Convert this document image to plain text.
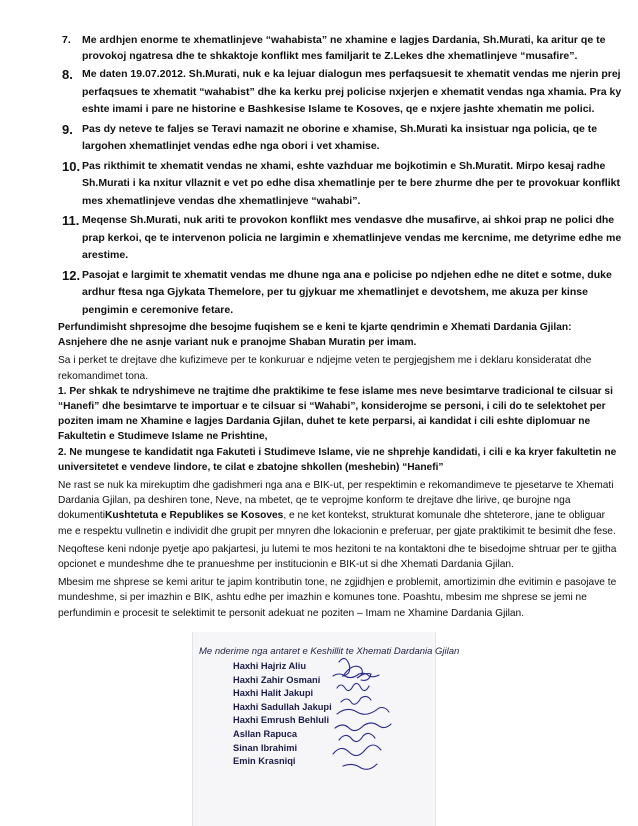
7. Me ardhjen enorme te xhematlinjeve “wahabista” ne xhamine e lagjes Dardania, Sh.Murati, ka aritur qe te provokoj ngatresa dhe te shkaktoje konflikt mes familjarit te Z.Lekes dhe xhematlinjeve “musafire”.
8. Me daten 19.07.2012. Sh.Murati, nuk e ka lejuar dialogun mes perfaqsuesit te xhematit vendas me njerin prej perfaqsues te xhematit “wahabist” dhe ka kerku prej policise nxjerjen e xhematit vendas nga xhamia. Pra ky eshte imami i pare ne historine e Bashkesise Islame te Kosoves, qe e nxjere jashte xhematin me polici.
9. Pas dy neteve te faljes se Teravi namazit ne oborine e xhamise, Sh.Murati ka insistuar nga policia, qe te largohen xhematlinjet vendas edhe nga obori i vet xhamise.
10. Pas rikthimit te xhematit vendas ne xhami, eshte vazhduar me bojkotimin e Sh.Muratit. Mirpo kesaj radhe Sh.Murati i ka nxitur vllaznit e vet po edhe disa xhematlinje per te bere zhurme dhe per te provokuar konflikt mes xhematlinjeve vendas dhe xhematlinjeve “wahabi”.
11. Meqense Sh.Murati, nuk ariti te provokon konflikt mes vendasve dhe musafirve, ai shkoi prap ne polici dhe prap kerkoi, qe te intervenon policia ne largimin e xhematlinjeve vendas me kercnime, me detyrime edhe me arestime.
12. Pasojat e largimit te xhematit vendas me dhune nga ana e policise po ndjehen edhe ne ditet e sotme, duke ardhur ftesa nga Gjykata Themelore, per tu gjykuar me xhematlinjet e devotshem, me akuza per kinse pengimin e ceremonive fetare.

Perfundimisht shpresojme dhe besojme fuqishem se e keni te kjarte qendrimin e Xhemati Dardania Gjilan: Asnjehere dhe ne asnje variant nuk e pranojme Shaban Muratin per imam.

Sa i perket te drejtave dhe kufizimeve per te konkuruar e ndjejme veten te pergjegjshem me i deklaru konsideratat dhe rekomandimet tona.

1. Per shkak te ndryshimeve ne trajtime dhe praktikime te fese islame mes neve besimtarve tradicional te cilsuar si “Hanefi” dhe besimtarve te importuar e te cilsuar si “Wahabi”, konsiderojme se personi, i cili do te selektohet per poziten imam ne Xhamine e lagjes Dardania Gjilan, duhet te kete perparsi, ai kandidat i cili eshte diplomuar ne Fakultetin e Studimeve Islame ne Prishtine,

2. Ne mungese te kandidatit nga Fakuteti i Studimeve Islame, vie ne shprehje kandidati, i cili e ka kryer fakultetin ne universitetet e vendeve lindore, te cilat e zbatojne shkollen (meshebin) “Hanefi”

Ne rast se nuk ka mirekuptim dhe gadishmeri nga ana e BIK-ut, per respektimin e rekomandimeve te pjesetarve te Xhemati Dardania Gjilan, pa deshiren tone, Neve, na mbetet, qe te veprojme konform te drejtave dhe lirive, qe burojne nga dokumentiKushtetuta e Republikes se Kosoves, e ne ket kontekst, strukturat komunale dhe shteterore, jane te obliguar me e respektu vullnetin e individit dhe grupit per mnyren dhe lokacionin e preferuar, per gjate praktikimit te besimit dhe fese.

Neqoftese keni ndonje pyetje apo pakjartesi, ju lutemi te mos hezitoni te na kontaktoni dhe te bisedojme shtruar per te gjitha opcionet e mundeshme dhe te pranueshme per institucionin e BIK-ut si dhe Xhemati Dardania Gjilan.

Mbesim me shprese se kemi aritur te japim kontributin tone, ne zgjidhjen e problemit, amortizimin dhe evitimin e pasojave te mundeshme, si per imazhin e BIK, ashtu edhe per imazhin e komunes tone. Poashtu, mbesim me shprese se jemi ne perfundimin e procesit te selektimit te personit adekuat ne poziten – Imam ne Xhamine Dardania Gjilan.

Me nderime nga antaret e Keshillit te Xhemati Dardania Gjilan
Haxhi Hajriz Aliu
Haxhi Zahir Osmani
Haxhi Halit Jakupi
Haxhi Sadullah Jakupi
Haxhi Emrush Behluli
Asllan Rapuca
Sinan Ibrahimi
Emin Krasniqi
